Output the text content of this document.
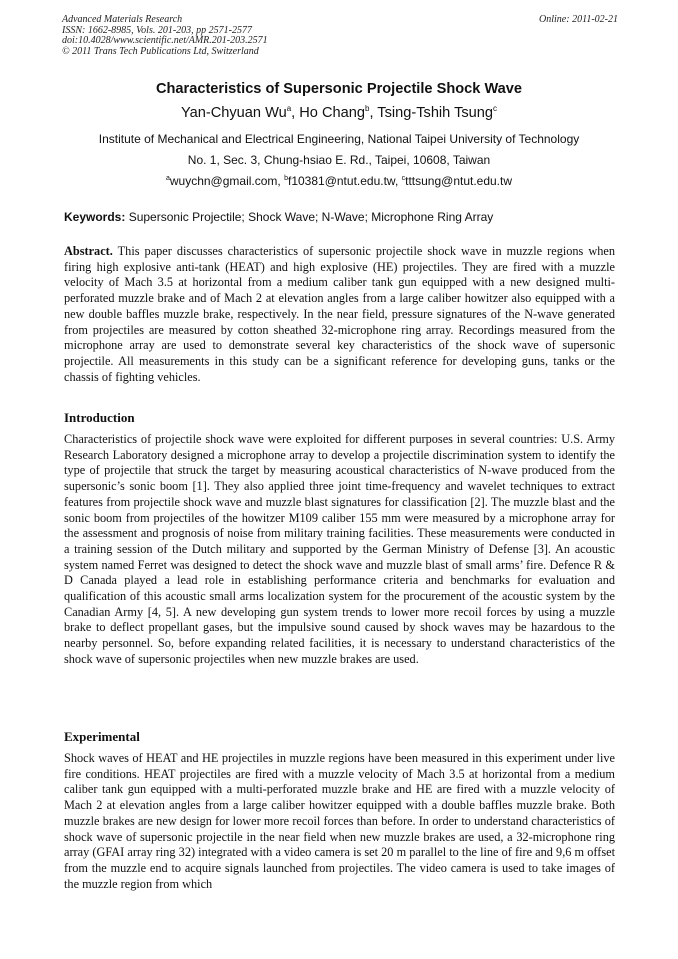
Advanced Materials Research
ISSN: 1662-8985, Vols. 201-203, pp 2571-2577
doi:10.4028/www.scientific.net/AMR.201-203.2571
© 2011 Trans Tech Publications Ltd, Switzerland
Online: 2011-02-21
Characteristics of Supersonic Projectile Shock Wave
Yan-Chyuan Wu$^a$, Ho Chang$^b$, Tsing-Tshih Tsung$^c$
Institute of Mechanical and Electrical Engineering, National Taipei University of Technology
No. 1, Sec. 3, Chung-hsiao E. Rd., Taipei, 10608, Taiwan
$^a$wuychn@gmail.com, $^b$f10381@ntut.edu.tw, $^c$tttsung@ntut.edu.tw
Keywords: Supersonic Projectile; Shock Wave; N-Wave; Microphone Ring Array

Abstract. This paper discusses characteristics of supersonic projectile shock wave in muzzle regions when firing high explosive anti-tank (HEAT) and high explosive (HE) projectiles. They are fired with a muzzle velocity of Mach 3.5 at horizontal from a medium caliber tank gun equipped with a new designed multi-perforated muzzle brake and of Mach 2 at elevation angles from a large caliber howitzer also equipped with a new double baffles muzzle brake, respectively. In the near field, pressure signatures of the N-wave generated from projectiles are measured by cotton sheathed 32-microphone ring array. Recordings measured from the microphone array are used to demonstrate several key characteristics of the shock wave of supersonic projectile. All measurements in this study can be a significant reference for developing guns, tanks or the chassis of fighting vehicles.

Introduction

Characteristics of projectile shock wave were exploited for different purposes in several countries: U.S. Army Research Laboratory designed a microphone array to develop a projectile discrimination system to identify the type of projectile that struck the target by measuring acoustical characteristics of N-wave produced from the supersonic’s sonic boom [1]. They also applied three joint time-frequency and wavelet techniques to extract features from projectile shock wave and muzzle blast signatures for classification [2]. The muzzle blast and the sonic boom from projectiles of the howitzer M109 caliber 155 mm were measured by a microphone array for the assessment and prognosis of noise from military training facilities. These measurements were conducted in a training session of the Dutch military and supported by the German Ministry of Defense [3]. An acoustic system named Ferret was designed to detect the shock wave and muzzle blast of small arms’ fire. Defence R & D Canada played a lead role in establishing performance criteria and benchmarks for evaluation and qualification of this acoustic small arms localization system for the procurement of the acoustic system by the Canadian Army [4, 5]. A new developing gun system trends to lower more recoil forces by using a muzzle brake to deflect propellant gases, but the impulsive sound caused by shock waves may be hazardous to the nearby personnel. So, before expanding related facilities, it is necessary to understand characteristics of the shock wave of supersonic projectiles when new muzzle brakes are used.

Experimental

Shock waves of HEAT and HE projectiles in muzzle regions have been measured in this experiment under live fire conditions. HEAT projectiles are fired with a muzzle velocity of Mach 3.5 at horizontal from a medium caliber tank gun equipped with a multi-perforated muzzle brake and HE are fired with a muzzle velocity of Mach 2 at elevation angles from a large caliber howitzer equipped with a double baffles muzzle brake. Both muzzle brakes are new design for lower more recoil forces than before. In order to understand characteristics of shock wave of supersonic projectile in the near field when new muzzle brakes are used, a 32-microphone ring array (GFAI array ring 32) integrated with a video camera is set 20 m parallel to the line of fire and 9,6 m offset from the muzzle end to acquire signals launched from projectiles. The video camera is used to take images of the muzzle region from which
